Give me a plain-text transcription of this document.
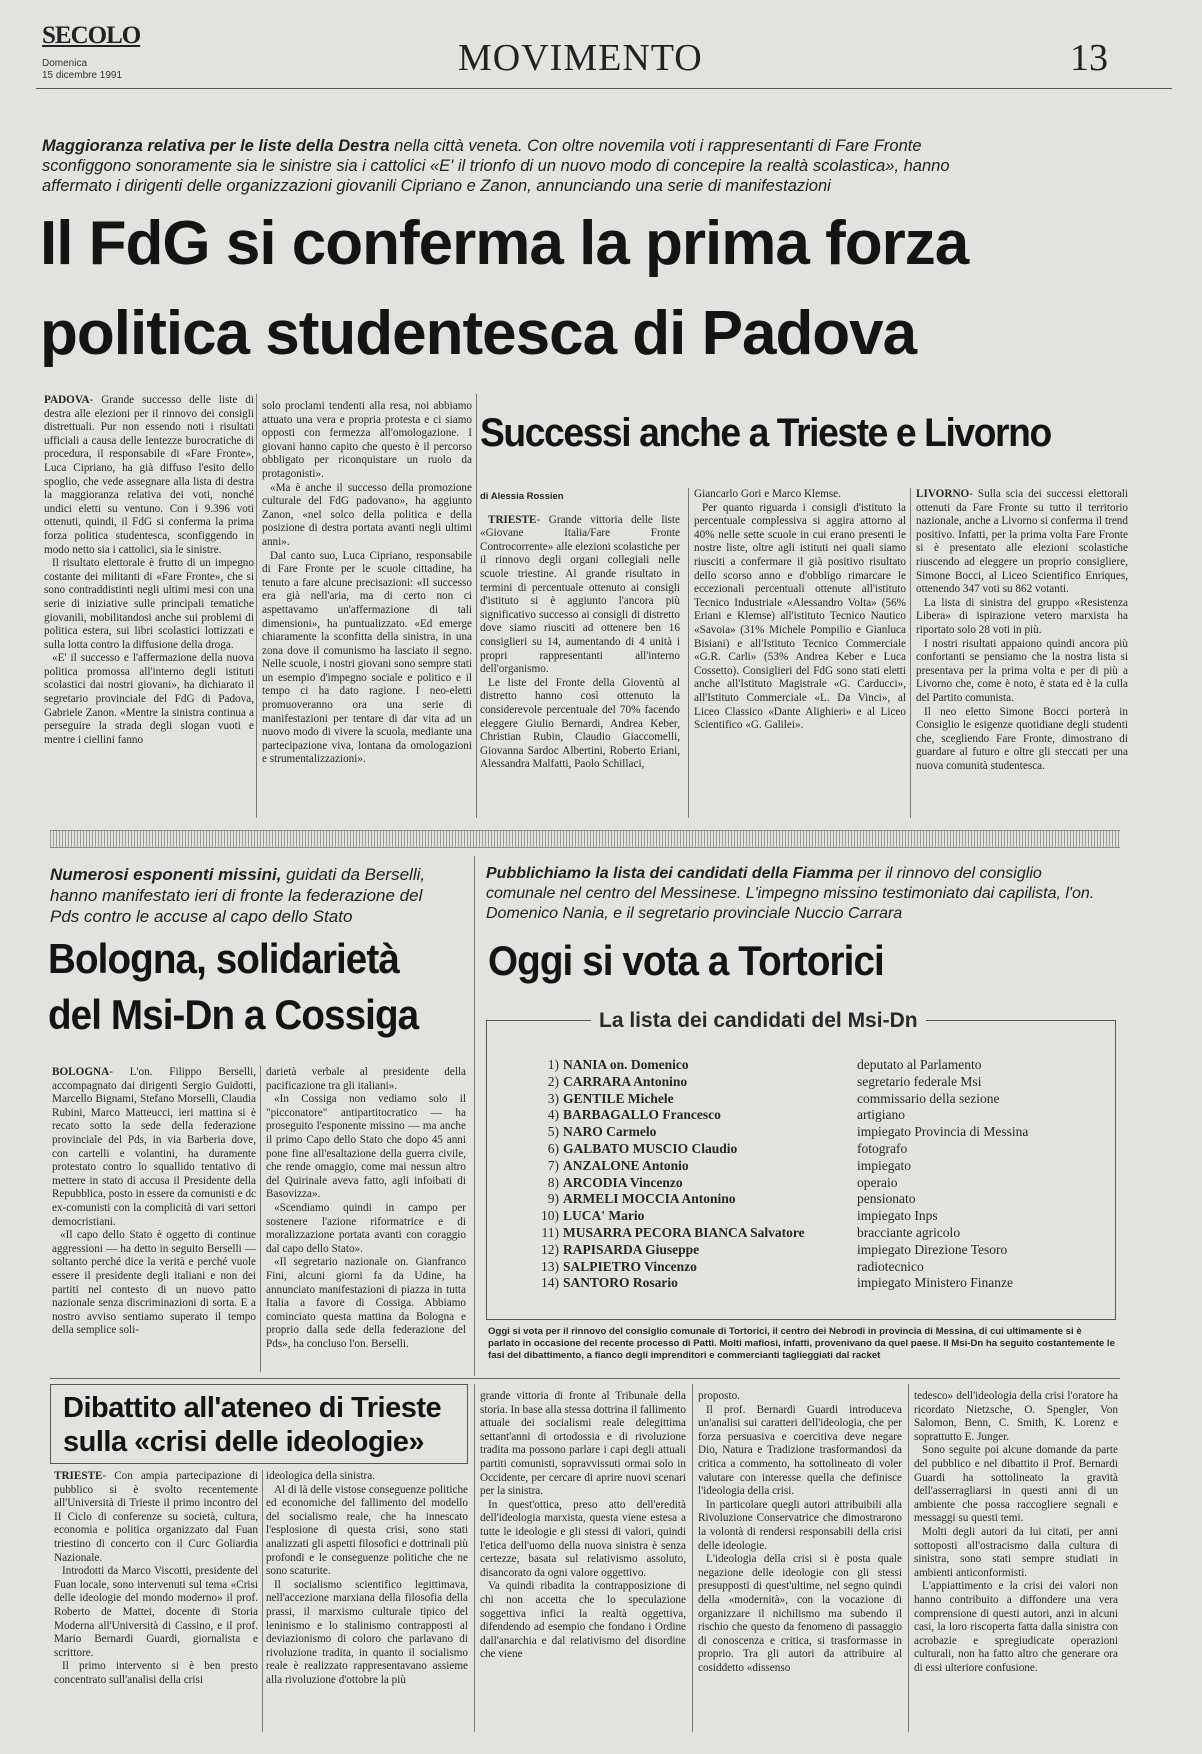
SECOLO
Domenica
15 dicembre 1991	MOVIMENTO	13
Maggioranza relativa per le liste della Destra nella città veneta. Con oltre novemila voti i rappresentanti di Fare Fronte sconfiggono sonoramente sia le sinistre sia i cattolici «E' il trionfo di un nuovo modo di concepire la realtà scolastica», hanno affermato i dirigenti delle organizzazioni giovanili Cipriano e Zanon, annunciando una serie di manifestazioni
Il FdG si conferma la prima forza
politica studentesca di Padova

PADOVA- Grande successo delle liste di destra alle elezioni per il rinnovo dei consigli distrettuali. Pur non essendo noti i risultati ufficiali a causa delle lentezze burocratiche di procedura, il responsabile di «Fare Fronte», Luca Cipriano, ha già diffuso l'esito dello spoglio, che vede assegnare alla lista di destra la maggioranza relativa dei voti, nonché undici eletti su ventuno. Con i 9.396 voti ottenuti, quindi, il FdG si conferma la prima forza politica studentesca, sconfiggendo in modo netto sia i cattolici, sia le sinistre.

Il risultato elettorale è frutto di un impegno costante dei militanti di «Fare Fronte», che si sono contraddistinti negli ultimi mesi con una serie di iniziative sulle principali tematiche giovanili, mobilitandosi anche sui problemi di politica estera, sui libri scolastici lottizzati e sulla lotta contro la diffusione della droga.

«E' il successo e l'affermazione della nuova politica promossa all'interno degli istituti scolastici dai nostri giovani», ha dichiarato il segretario provinciale del FdG di Padova, Gabriele Zanon. «Mentre la sinistra continua a perseguire la strada degli slogan vuoti e mentre i ciellini fanno

solo proclami tendenti alla resa, noi abbiamo attuato una vera e propria protesta e ci siamo opposti con fermezza all'omologazione. I giovani hanno capito che questo è il percorso obbligato per riconquistare un ruolo da protagonisti».

«Ma è anche il successo della promozione culturale del FdG padovano», ha aggiunto Zanon, «nel solco della politica e della posizione di destra portata avanti negli ultimi anni».

Dal canto suo, Luca Cipriano, responsabile di Fare Fronte per le scuole cittadine, ha tenuto a fare alcune precisazioni: «Il successo era già nell'aria, ma di certo non ci aspettavamo un'affermazione di tali dimensioni», ha puntualizzato. «Ed emerge chiaramente la sconfitta della sinistra, in una zona dove il comunismo ha lasciato il segno. Nelle scuole, i nostri giovani sono sempre stati un esempio d'impegno sociale e politico e il tempo ci ha dato ragione. I neo-eletti promuoveranno ora una serie di manifestazioni per tentare di dar vita ad un nuovo modo di vivere la scuola, mediante una partecipazione viva, lontana da omologazioni e strumentalizzazioni».

Successi anche a Trieste e Livorno

di Alessia Rossien

TRIESTE- Grande vittoria delle liste «Giovane Italia/Fare Fronte Controcorrente» alle elezioni scolastiche per il rinnovo degli organi collegiali nelle scuole triestine. Al grande risultato in termini di percentuale ottenuto ai consigli d'istituto si è aggiunto l'ancora più significativo successo ai consigli di distretto dove siamo riusciti ad ottenere ben 16 consiglieri su 14, aumentando di 4 unità i propri rappresentanti all'interno dell'organismo.

Le liste del Fronte della Gioventù al distretto hanno così ottenuto la considerevole percentuale del 70% facendo eleggere Giulio Bernardi, Andrea Keber, Christian Rubin, Claudio Giaccomelli, Giovanna Sardoc Albertini, Roberto Eriani, Alessandra Malfatti, Paolo Schillaci,

Giancarlo Gori e Marco Klemse.

Per quanto riguarda i consigli d'istituto la percentuale complessiva si aggira attorno al 40% nelle sette scuole in cui erano presenti le nostre liste, oltre agli istituti nei quali siamo riusciti a confermare il già positivo risultato dello scorso anno e d'obbligo rimarcare le eccezionali percentuali ottenute all'istituto Tecnico Industriale «Alessandro Volta» (56% Eriani e Klemse) all'istituto Tecnico Nautico «Savoia» (31% Michele Pompilio e Gianluca Bisiani) e all'Istituto Tecnico Commerciale «G.R. Carli» (53% Andrea Keber e Luca Cossetto). Consiglieri del FdG sono stati eletti anche all'Istituto Magistrale «G. Carducci», all'Istituto Commerciale «L. Da Vinci», al Liceo Classico «Dante Alighieri» e al Liceo Scientifico «G. Galilei».

LIVORNO- Sulla scia dei successi elettorali ottenuti da Fare Fronte su tutto il territorio nazionale, anche a Livorno si conferma il trend positivo. Infatti, per la prima volta Fare Fronte si è presentato alle elezioni scolastiche riuscendo ad eleggere un proprio consigliere, Simone Bocci, al Liceo Scientifico Enriques, ottenendo 347 voti su 862 votanti.

La lista di sinistra del gruppo «Resistenza Libera» di ispirazione vetero marxista ha riportato solo 28 voti in più.

I nostri risultati appaiono quindi ancora più confortanti se pensiamo che la nostra lista si presentava per la prima volta e per di più a Livorno che, come è noto, è stata ed è la culla del Partito comunista.

Il neo eletto Simone Bocci porterà in Consiglio le esigenze quotidiane degli studenti che, scegliendo Fare Fronte, dimostrano di guardare al futuro e oltre gli steccati per una nuova comunità studentesca.

Numerosi esponenti missini, guidati da Berselli, hanno manifestato ieri di fronte la federazione del Pds contro le accuse al capo dello Stato
Bologna, solidarietà
del Msi-Dn a Cossiga

BOLOGNA- L'on. Filippo Berselli, accompagnato dai dirigenti Sergio Guidotti, Marcello Bignami, Stefano Morselli, Claudia Rubini, Marco Matteucci, ieri mattina si è recato sotto la sede della federazione provinciale del Pds, in via Barberia dove, con cartelli e volantini, ha duramente protestato contro lo squallido tentativo di mettere in stato di accusa il Presidente della Repubblica, posto in essere da comunisti e dc ex-comunisti con la complicità di vari settori democristiani.

«Il capo dello Stato è oggetto di continue aggressioni — ha detto in seguito Berselli — soltanto perché dice la verità e perché vuole essere il presidente degli italiani e non dei partiti nel contesto di un nuovo patto nazionale senza discriminazioni di sorta. E a nostro avviso sentiamo superato il tempo della semplice soli-

darietà verbale al presidente della pacificazione tra gli italiani».

«In Cossiga non vediamo solo il "picconatore" antipartitocratico — ha proseguito l'esponente missino — ma anche il primo Capo dello Stato che dopo 45 anni pone fine all'esaltazione della guerra civile, che rende omaggio, come mai nessun altro del Quirinale aveva fatto, agli infoibati di Basovizza».

«Scendiamo quindi in campo per sostenere l'azione riformatrice e di moralizzazione portata avanti con coraggio dal capo dello Stato».

«Il segretario nazionale on. Gianfranco Fini, alcuni giorni fa da Udine, ha annunciato manifestazioni di piazza in tutta Italia a favore di Cossiga. Abbiamo cominciato questa mattina da Bologna e proprio dalla sede della federazione del Pds», ha concluso l'on. Berselli.

Pubblichiamo la lista dei candidati della Fiamma per il rinnovo del consiglio comunale nel centro del Messinese. L'impegno missino testimoniato dai capilista, l'on. Domenico Nania, e il segretario provinciale Nuccio Carrara
Oggi si vota a Tortorici
La lista dei candidati del Msi-Dn
1) NANIA on. Domenico	deputato al Parlamento
2) CARRARA Antonino	segretario federale Msi
3) GENTILE Michele	commissario della sezione
4) BARBAGALLO Francesco	artigiano
5) NARO Carmelo	impiegato Provincia di Messina
6) GALBATO MUSCIO Claudio	fotografo
7) ANZALONE Antonio	impiegato
8) ARCODIA Vincenzo	operaio
9) ARMELI MOCCIA Antonino	pensionato
10) LUCA' Mario	impiegato Inps
11) MUSARRA PECORA BIANCA Salvatore	bracciante agricolo
12) RAPISARDA Giuseppe	impiegato Direzione Tesoro
13) SALPIETRO Vincenzo	radiotecnico
14) SANTORO Rosario	impiegato Ministero Finanze
Oggi si vota per il rinnovo del consiglio comunale di Tortorici, il centro dei Nebrodi in provincia di Messina, di cui ultimamente si è parlato in occasione del recente processo di Patti. Molti mafiosi, infatti, provenivano da quel paese. Il Msi-Dn ha seguito costantemente le fasi del dibattimento, a fianco degli imprenditori e commercianti taglieggiati dal racket
Dibattito all'ateneo di Trieste
sulla «crisi delle ideologie»

TRIESTE- Con ampia partecipazione di pubblico si è svolto recentemente all'Università di Trieste il primo incontro del II Ciclo di conferenze su società, cultura, economia e politica organizzato dal Fuan triestino di concerto con il Curc Goliardia Nazionale.

Introdotti da Marco Viscotti, presidente del Fuan locale, sono intervenuti sul tema «Crisi delle ideologie del mondo moderno» il prof. Roberto de Mattei, docente di Storia Moderna all'Università di Cassino, e il prof. Mario Bernardi Guardi, giornalista e scrittore.

Il primo intervento si è ben presto concentrato sull'analisi della crisi

ideologica della sinistra.

Al di là delle vistose conseguenze politiche ed economiche del fallimento del modello del socialismo reale, che ha innescato l'esplosione di questa crisi, sono stati analizzati gli aspetti filosofici e dottrinali più profondi e le conseguenze politiche che ne sono scaturite.

Il socialismo scientifico legittimava, nell'accezione marxiana della filosofia della prassi, il marxismo culturale tipico del leninismo e lo stalinismo contrapposti al deviazionismo di coloro che parlavano di rivoluzione tradita, in quanto il socialismo reale è realizzato rappresentavano assieme alla rivoluzione d'ottobre la più

grande vittoria di fronte al Tribunale della storia. In base alla stessa dottrina il fallimento attuale dei socialismi reale delegittima settant'anni di ortodossia e di rivoluzione tradita ma possono parlare i capi degli attuali partiti comunisti, sopravvissuti ormai solo in Occidente, per cercare di aprire nuovi scenari per la sinistra.

In quest'ottica, preso atto dell'eredità dell'ideologia marxista, questa viene estesa a tutte le ideologie e gli stessi di valori, quindi l'etica dell'uomo della nuova sinistra è senza certezze, basata sul relativismo assoluto, disancorato da ogni valore oggettivo.

Va quindi ribadita la contrapposizione di chi non accetta che lo speculazione soggettiva infici la realtà oggettiva, difendendo ad esempio che fondano i Ordine dall'anarchia e dal relativismo del disordine che viene

proposto.

Il prof. Bernardi Guardi introduceva un'analisi sui caratteri dell'ideologia, che per forza persuasiva e coercitiva deve negare Dio, Natura e Tradizione trasformandosi da critica a commento, ha sottolineato di voler valutare con interesse quella che definisce l'ideologia della crisi.

In particolare quegli autori attribuibili alla Rivoluzione Conservatrice che dimostrarono la volontà di rendersi responsabili della crisi delle ideologie.

L'ideologia della crisi si è posta quale negazione delle ideologie con gli stessi presupposti di quest'ultime, nel segno quindi della «modernità», con la vocazione di organizzare il nichilismo ma subendo il rischio che questo da fenomeno di passaggio di conoscenza e critica, si trasformasse in proprio. Tra gli autori da attribuire al cosiddetto «dissenso

tedesco» dell'ideologia della crisi l'oratore ha ricordato Nietzsche, O. Spengler, Von Salomon, Benn, C. Smith, K. Lorenz e soprattutto E. Junger.

Sono seguite poi alcune domande da parte del pubblico e nel dibattito il Prof. Bernardi Guardi ha sottolineato la gravità dell'asserragliarsi in questi anni di un ambiente che possa raccogliere segnali e messaggi su questi temi.

Molti degli autori da lui citati, per anni sottoposti all'ostracismo dalla cultura di sinistra, sono stati sempre studiati in ambienti anticonformisti.

L'appiattimento e la crisi dei valori non hanno contribuito a diffondere una vera comprensione di questi autori, anzi in alcuni casi, la loro riscoperta fatta dalla sinistra con acrobazie e spregiudicate operazioni culturali, non ha fatto altro che generare ora di essi ulteriore confusione.
